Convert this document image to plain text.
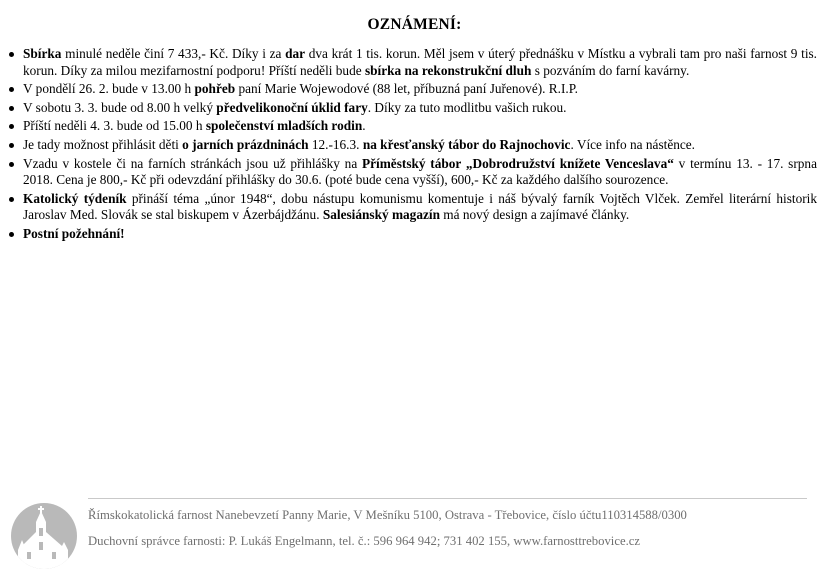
OZNÁMENÍ:
Sbírka minulé neděle činí 7 433,- Kč. Díky i za dar dva krát 1 tis. korun. Měl jsem v úterý přednášku v Místku a vybrali tam pro naši farnost 9 tis. korun. Díky za milou mezifarnostní podporu! Příští neděli bude sbírka na rekonstrukční dluh s pozváním do farní kavárny.
V pondělí 26. 2. bude v 13.00 h pohřeb paní Marie Wojewodové (88 let, příbuzná paní Juřenové). R.I.P.
V sobotu 3. 3. bude od 8.00 h velký předvelikonoční úklid fary. Díky za tuto modlitbu vašich rukou.
Příští neděli 4. 3. bude od 15.00 h společenství mladších rodin.
Je tady možnost přihlásit děti o jarních prázdninách 12.-16.3. na křesťanský tábor do Rajnochovic. Více info na nástěnce.
Vzadu v kostele či na farních stránkách jsou už přihlášky na Příměstský tábor „Dobrodružství knížete Venceslava“ v termínu 13. - 17. srpna 2018. Cena je 800,- Kč při odevzdání přihlášky do 30.6. (poté bude cena vyšší), 600,- Kč za každého dalšího sourozence.
Katolický týdeník přináší téma „únor 1948“, dobu nástupu komunismu komentuje i náš bývalý farník Vojtěch Vlček. Zemřel literární historik Jaroslav Med. Slovák se stal biskupem v Ázerbájdžánu. Salesiánský magazín má nový design a zajímavé články.
Postní požehnání!
Římskokatolická farnost Nanebevzetí Panny Marie, V Mešníku 5100, Ostrava - Třebovice, číslo účtu110314588/0300
Duchovní správce farnosti: P. Lukáš Engelmann, tel. č.: 596 964 942; 731 402 155, www.farnosttrebovice.cz
